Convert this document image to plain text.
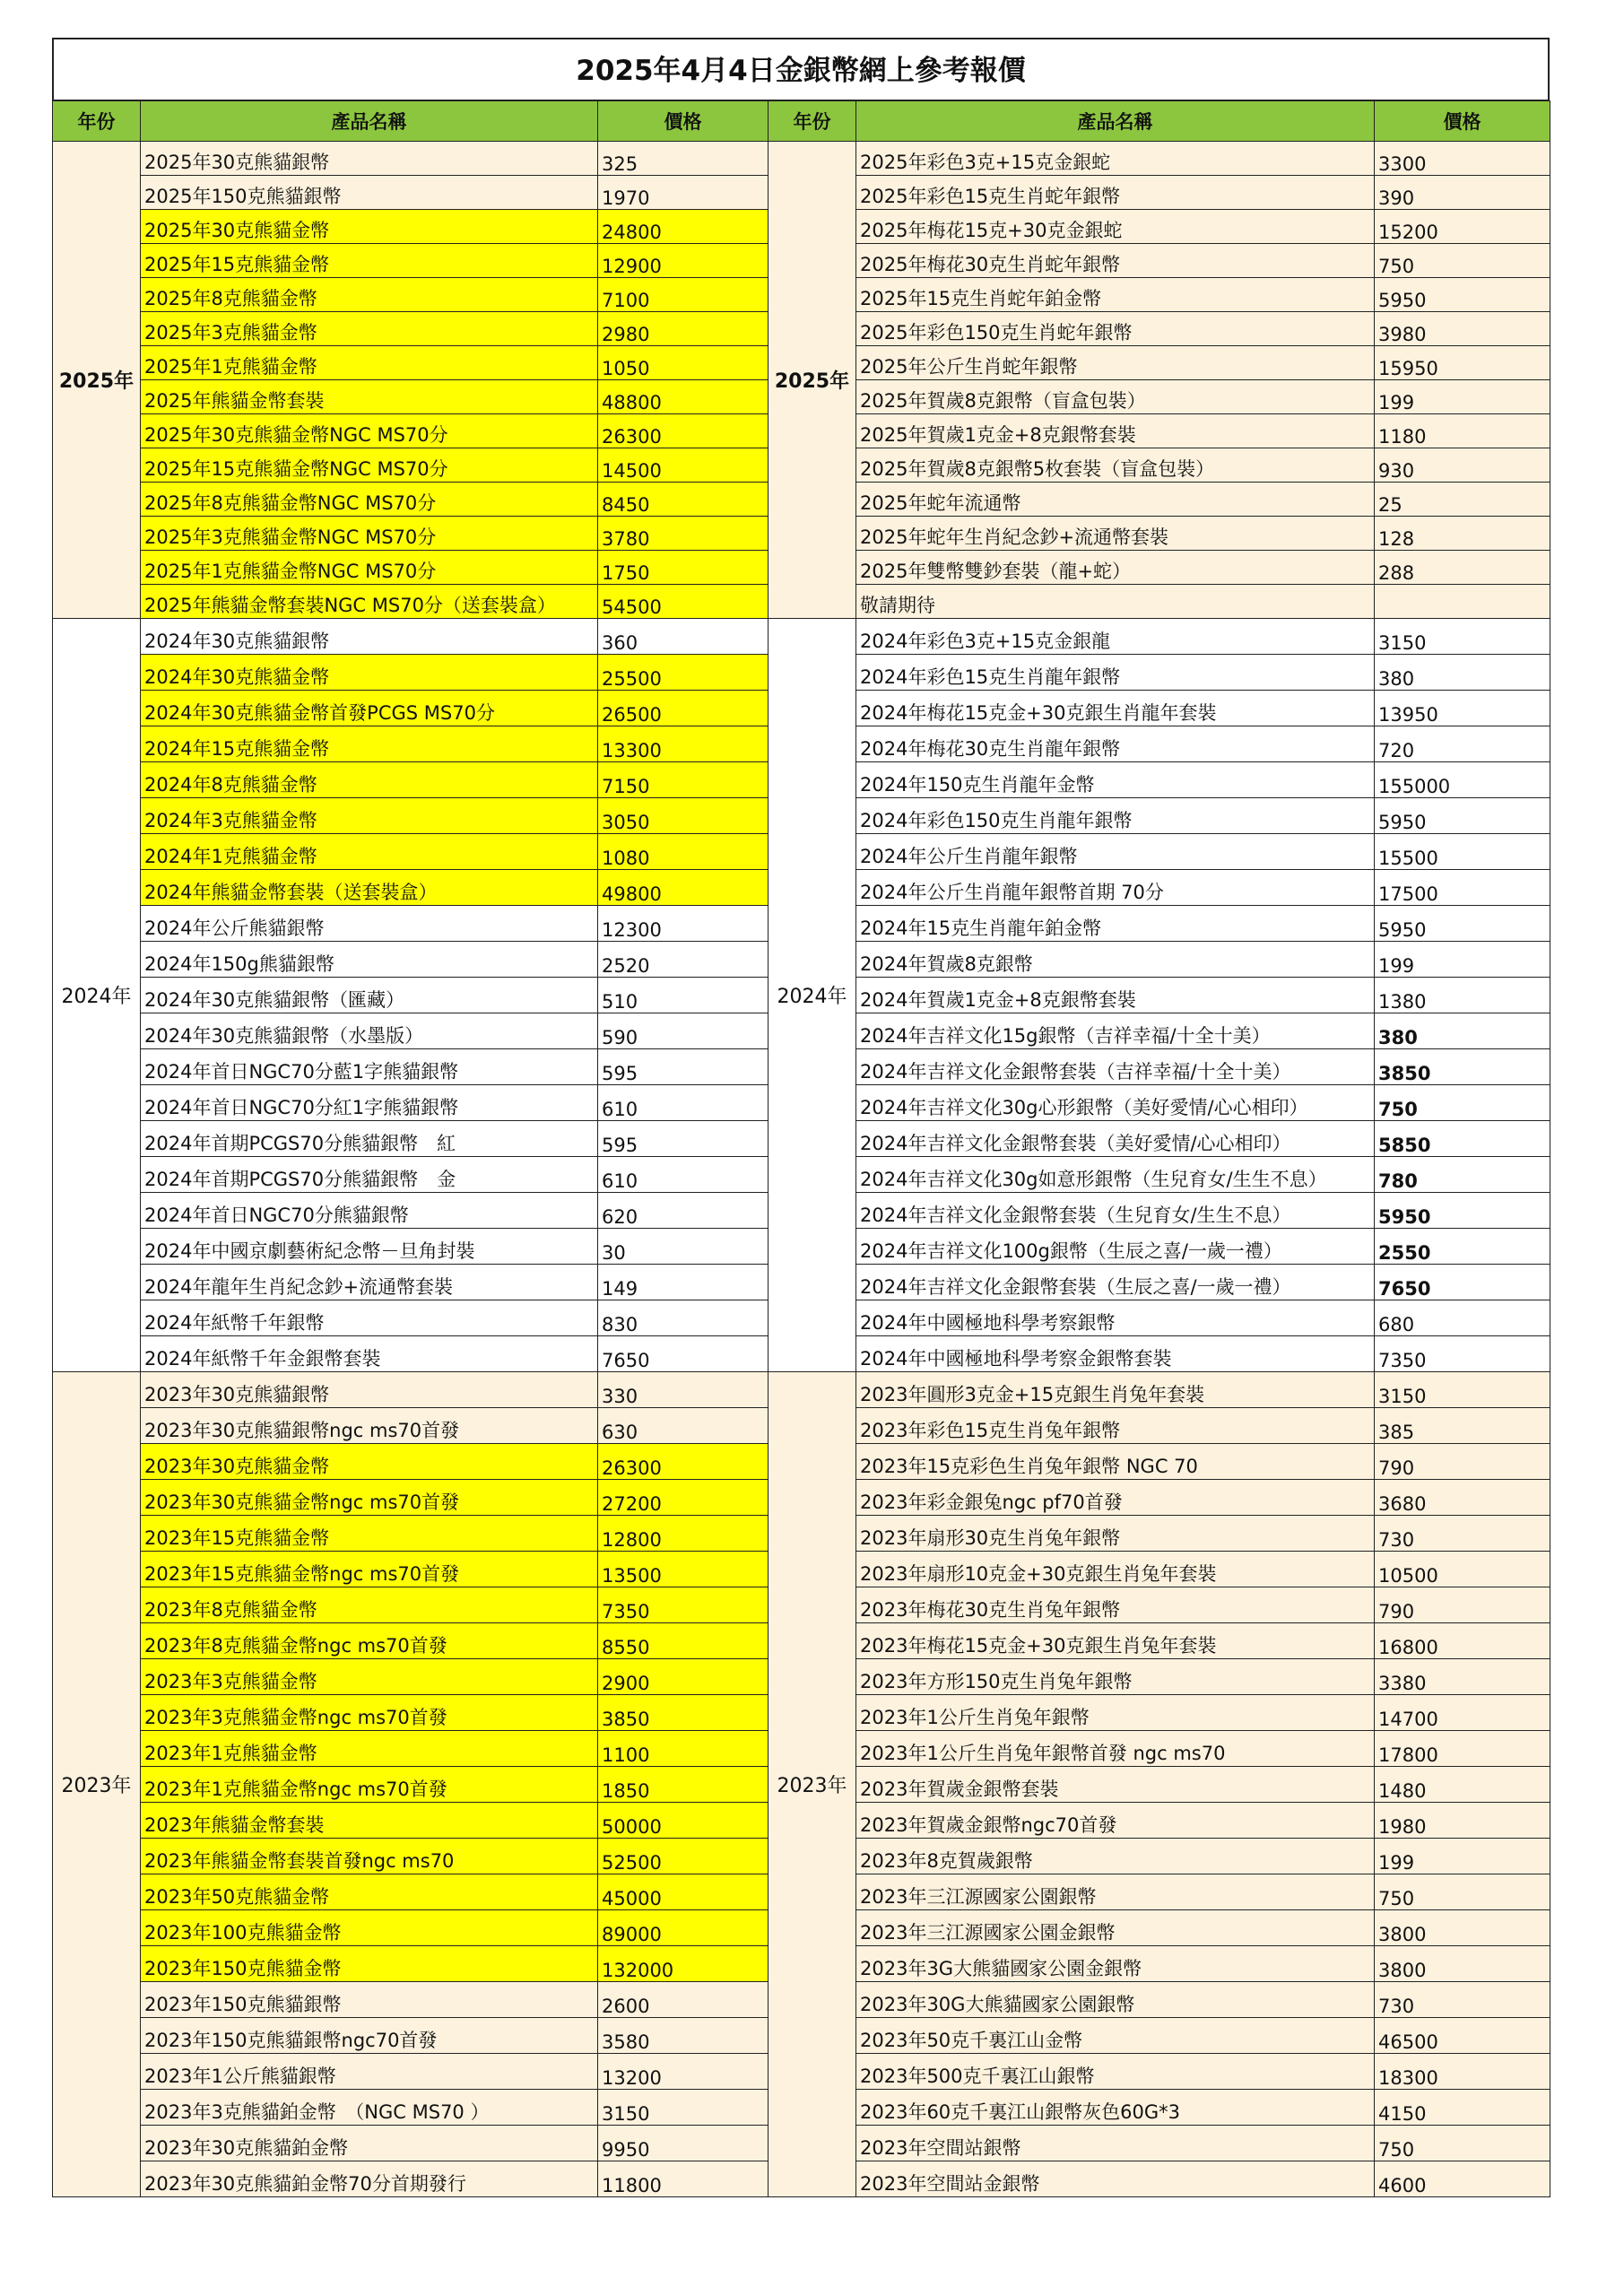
2025年4月4日金銀幣網上參考報價
年份	產品名稱	價格	年份	產品名稱	價格
2025年	2025年30克熊貓銀幣	325	2025年	2025年彩色3克+15克金銀蛇	3300
	2025年150克熊貓銀幣	1970		2025年彩色15克生肖蛇年銀幣	390
	2025年30克熊貓金幣	24800		2025年梅花15克+30克金銀蛇	15200
	2025年15克熊貓金幣	12900		2025年梅花30克生肖蛇年銀幣	750
	2025年8克熊貓金幣	7100		2025年15克生肖蛇年鉑金幣	5950
	2025年3克熊貓金幣	2980		2025年彩色150克生肖蛇年銀幣	3980
	2025年1克熊貓金幣	1050		2025年公斤生肖蛇年銀幣	15950
	2025年熊貓金幣套裝	48800		2025年賀歲8克銀幣（盲盒包裝）	199
	2025年30克熊貓金幣NGC MS70分	26300		2025年賀歲1克金+8克銀幣套裝	1180
	2025年15克熊貓金幣NGC MS70分	14500		2025年賀歲8克銀幣5枚套裝（盲盒包裝）	930
	2025年8克熊貓金幣NGC MS70分	8450		2025年蛇年流通幣	25
	2025年3克熊貓金幣NGC MS70分	3780		2025年蛇年生肖紀念鈔+流通幣套裝	128
	2025年1克熊貓金幣NGC MS70分	1750		2025年雙幣雙鈔套裝（龍+蛇）	288
	2025年熊貓金幣套裝NGC MS70分（送套裝盒）	54500		敬請期待	
2024年	2024年30克熊貓銀幣	360	2024年	2024年彩色3克+15克金銀龍	3150
	2024年30克熊貓金幣	25500		2024年彩色15克生肖龍年銀幣	380
	2024年30克熊貓金幣首發PCGS MS70分	26500		2024年梅花15克金+30克銀生肖龍年套裝	13950
	2024年15克熊貓金幣	13300		2024年梅花30克生肖龍年銀幣	720
	2024年8克熊貓金幣	7150		2024年150克生肖龍年金幣	155000
	2024年3克熊貓金幣	3050		2024年彩色150克生肖龍年銀幣	5950
	2024年1克熊貓金幣	1080		2024年公斤生肖龍年銀幣	15500
	2024年熊貓金幣套裝（送套裝盒）	49800		2024年公斤生肖龍年銀幣首期 70分	17500
	2024年公斤熊貓銀幣	12300		2024年15克生肖龍年鉑金幣	5950
	2024年150g熊貓銀幣	2520		2024年賀歲8克銀幣	199
	2024年30克熊貓銀幣（匯藏）	510		2024年賀歲1克金+8克銀幣套裝	1380
	2024年30克熊貓銀幣（水墨版）	590		2024年吉祥文化15g銀幣（吉祥幸福/十全十美）	380
	2024年首日NGC70分藍1字熊貓銀幣	595		2024年吉祥文化金銀幣套裝（吉祥幸福/十全十美）	3850
	2024年首日NGC70分紅1字熊貓銀幣	610		2024年吉祥文化30g心形銀幣（美好愛情/心心相印）	750
	2024年首期PCGS70分熊貓銀幣　紅	595		2024年吉祥文化金銀幣套裝（美好愛情/心心相印）	5850
	2024年首期PCGS70分熊貓銀幣　金	610		2024年吉祥文化30g如意形銀幣（生兒育女/生生不息）	780
	2024年首日NGC70分熊貓銀幣	620		2024年吉祥文化金銀幣套裝（生兒育女/生生不息）	5950
	2024年中國京劇藝術紀念幣－旦角封裝	30		2024年吉祥文化100g銀幣（生辰之喜/一歲一禮）	2550
	2024年龍年生肖紀念鈔+流通幣套裝	149		2024年吉祥文化金銀幣套裝（生辰之喜/一歲一禮）	7650
	2024年紙幣千年銀幣	830		2024年中國極地科學考察銀幣	680
	2024年紙幣千年金銀幣套裝	7650		2024年中國極地科學考察金銀幣套裝	7350
2023年	2023年30克熊貓銀幣	330	2023年	2023年圓形3克金+15克銀生肖兔年套裝	3150
	2023年30克熊貓銀幣ngc ms70首發	630		2023年彩色15克生肖兔年銀幣	385
	2023年30克熊貓金幣	26300		2023年15克彩色生肖兔年銀幣 NGC 70	790
	2023年30克熊貓金幣ngc ms70首發	27200		2023年彩金銀兔ngc pf70首發	3680
	2023年15克熊貓金幣	12800		2023年扇形30克生肖兔年銀幣	730
	2023年15克熊貓金幣ngc ms70首發	13500		2023年扇形10克金+30克銀生肖兔年套裝	10500
	2023年8克熊貓金幣	7350		2023年梅花30克生肖兔年銀幣	790
	2023年8克熊貓金幣ngc ms70首發	8550		2023年梅花15克金+30克銀生肖兔年套裝	16800
	2023年3克熊貓金幣	2900		2023年方形150克生肖兔年銀幣	3380
	2023年3克熊貓金幣ngc ms70首發	3850		2023年1公斤生肖兔年銀幣	14700
	2023年1克熊貓金幣	1100		2023年1公斤生肖兔年銀幣首發 ngc ms70	17800
	2023年1克熊貓金幣ngc ms70首發	1850		2023年賀歲金銀幣套裝	1480
	2023年熊貓金幣套裝	50000		2023年賀歲金銀幣ngc70首發	1980
	2023年熊貓金幣套裝首發ngc ms70	52500		2023年8克賀歲銀幣	199
	2023年50克熊貓金幣	45000		2023年三江源國家公園銀幣	750
	2023年100克熊貓金幣	89000		2023年三江源國家公園金銀幣	3800
	2023年150克熊貓金幣	132000		2023年3G大熊貓國家公園金銀幣	3800
	2023年150克熊貓銀幣	2600		2023年30G大熊貓國家公園銀幣	730
	2023年150克熊貓銀幣ngc70首發	3580		2023年50克千裏江山金幣	46500
	2023年1公斤熊貓銀幣	13200		2023年500克千裏江山銀幣	18300
	2023年3克熊貓鉑金幣　（NGC MS70 ）	3150		2023年60克千裏江山銀幣灰色60G*3	4150
	2023年30克熊貓鉑金幣	9950		2023年空間站銀幣	750
	2023年30克熊貓鉑金幣70分首期發行	11800		2023年空間站金銀幣	4600
